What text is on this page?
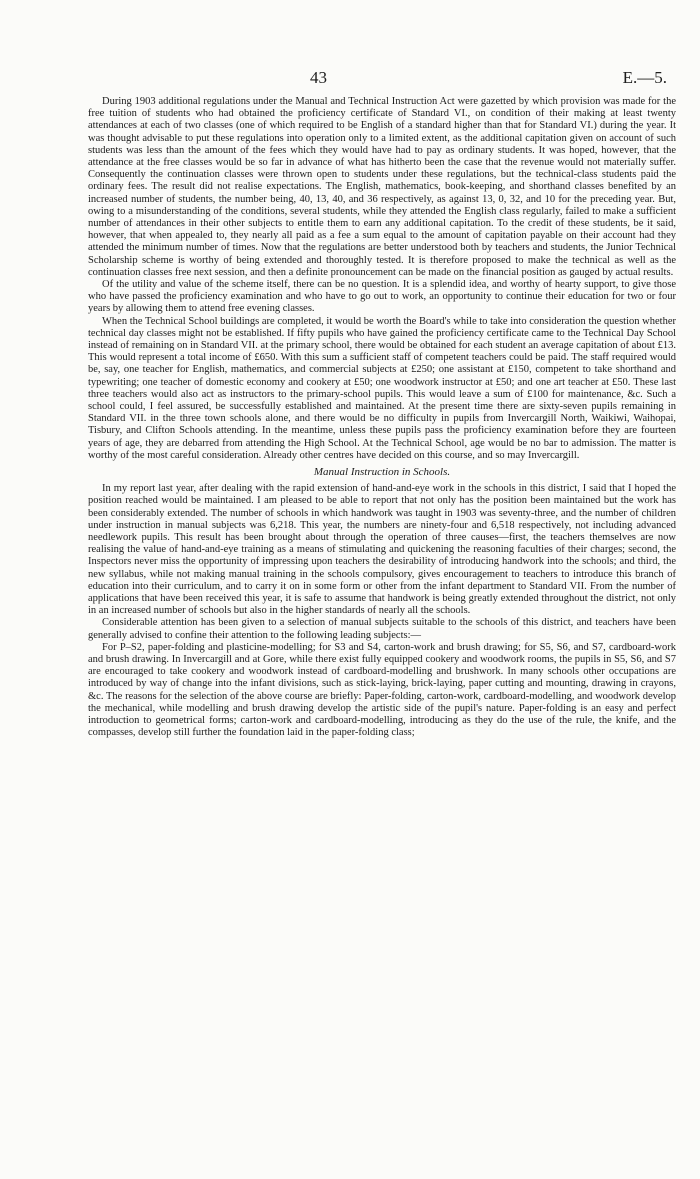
43	E.—5.

During 1903 additional regulations under the Manual and Technical Instruction Act were gazetted by which provision was made for the free tuition of students who had obtained the proficiency certificate of Standard VI., on condition of their making at least twenty attendances at each of two classes (one of which required to be English of a standard higher than that for Standard VI.) during the year. It was thought advisable to put these regulations into operation only to a limited extent, as the additional capitation given on account of such students was less than the amount of the fees which they would have had to pay as ordinary students. It was hoped, however, that the attendance at the free classes would be so far in advance of what has hitherto been the case that the revenue would not materially suffer. Consequently the continuation classes were thrown open to students under these regulations, but the technical-class students paid the ordinary fees. The result did not realise expectations. The English, mathematics, book-keeping, and shorthand classes benefited by an increased number of students, the number being, 40, 13, 40, and 36 respectively, as against 13, 0, 32, and 10 for the preceding year. But, owing to a misunderstanding of the conditions, several students, while they attended the English class regularly, failed to make a sufficient number of attendances in their other subjects to entitle them to earn any additional capitation. To the credit of these students, be it said, however, that when appealed to, they nearly all paid as a fee a sum equal to the amount of capitation payable on their account had they attended the minimum number of times. Now that the regulations are better understood both by teachers and students, the Junior Technical Scholarship scheme is worthy of being extended and thoroughly tested. It is therefore proposed to make the technical as well as the continuation classes free next session, and then a definite pronouncement can be made on the financial position as gauged by actual results.

Of the utility and value of the scheme itself, there can be no question. It is a splendid idea, and worthy of hearty support, to give those who have passed the proficiency examination and who have to go out to work, an opportunity to continue their education for two or four years by allowing them to attend free evening classes.

When the Technical School buildings are completed, it would be worth the Board's while to take into consideration the question whether technical day classes might not be established. If fifty pupils who have gained the proficiency certificate came to the Technical Day School instead of remaining on in Standard VII. at the primary school, there would be obtained for each student an average capitation of about £13. This would represent a total income of £650. With this sum a sufficient staff of competent teachers could be paid. The staff required would be, say, one teacher for English, mathematics, and commercial subjects at £250; one assistant at £150, competent to take shorthand and typewriting; one teacher of domestic economy and cookery at £50; one woodwork instructor at £50; and one art teacher at £50. These last three teachers would also act as instructors to the primary-school pupils. This would leave a sum of £100 for maintenance, &c. Such a school could, I feel assured, be successfully established and maintained. At the present time there are sixty-seven pupils remaining in Standard VII. in the three town schools alone, and there would be no difficulty in pupils from Invercargill North, Waikiwi, Waihopai, Tisbury, and Clifton Schools attending. In the meantime, unless these pupils pass the proficiency examination before they are fourteen years of age, they are debarred from attending the High School. At the Technical School, age would be no bar to admission. The matter is worthy of the most careful consideration. Already other centres have decided on this course, and so may Invercargill.

Manual Instruction in Schools.

In my report last year, after dealing with the rapid extension of hand-and-eye work in the schools in this district, I said that I hoped the position reached would be maintained. I am pleased to be able to report that not only has the position been maintained but the work has been considerably extended. The number of schools in which handwork was taught in 1903 was seventy-three, and the number of children under instruction in manual subjects was 6,218. This year, the numbers are ninety-four and 6,518 respectively, not including advanced needlework pupils. This result has been brought about through the operation of three causes—first, the teachers themselves are now realising the value of hand-and-eye training as a means of stimulating and quickening the reasoning faculties of their charges; second, the Inspectors never miss the opportunity of impressing upon teachers the desirability of introducing handwork into the schools; and third, the new syllabus, while not making manual training in the schools compulsory, gives encouragement to teachers to introduce this branch of education into their curriculum, and to carry it on in some form or other from the infant department to Standard VII. From the number of applications that have been received this year, it is safe to assume that handwork is being greatly extended throughout the district, not only in an increased number of schools but also in the higher standards of nearly all the schools.

Considerable attention has been given to a selection of manual subjects suitable to the schools of this district, and teachers have been generally advised to confine their attention to the following leading subjects:—

For P–S2, paper-folding and plasticine-modelling; for S3 and S4, carton-work and brush drawing; for S5, S6, and S7, cardboard-work and brush drawing. In Invercargill and at Gore, while there exist fully equipped cookery and woodwork rooms, the pupils in S5, S6, and S7 are encouraged to take cookery and woodwork instead of cardboard-modelling and brushwork. In many schools other occupations are introduced by way of change into the infant divisions, such as stick-laying, brick-laying, paper cutting and mounting, drawing in crayons, &c. The reasons for the selection of the above course are briefly: Paper-folding, carton-work, cardboard-modelling, and woodwork develop the mechanical, while modelling and brush drawing develop the artistic side of the pupil's nature. Paper-folding is an easy and perfect introduction to geometrical forms; carton-work and cardboard-modelling, introducing as they do the use of the rule, the knife, and the compasses, develop still further the foundation laid in the paper-folding class;
